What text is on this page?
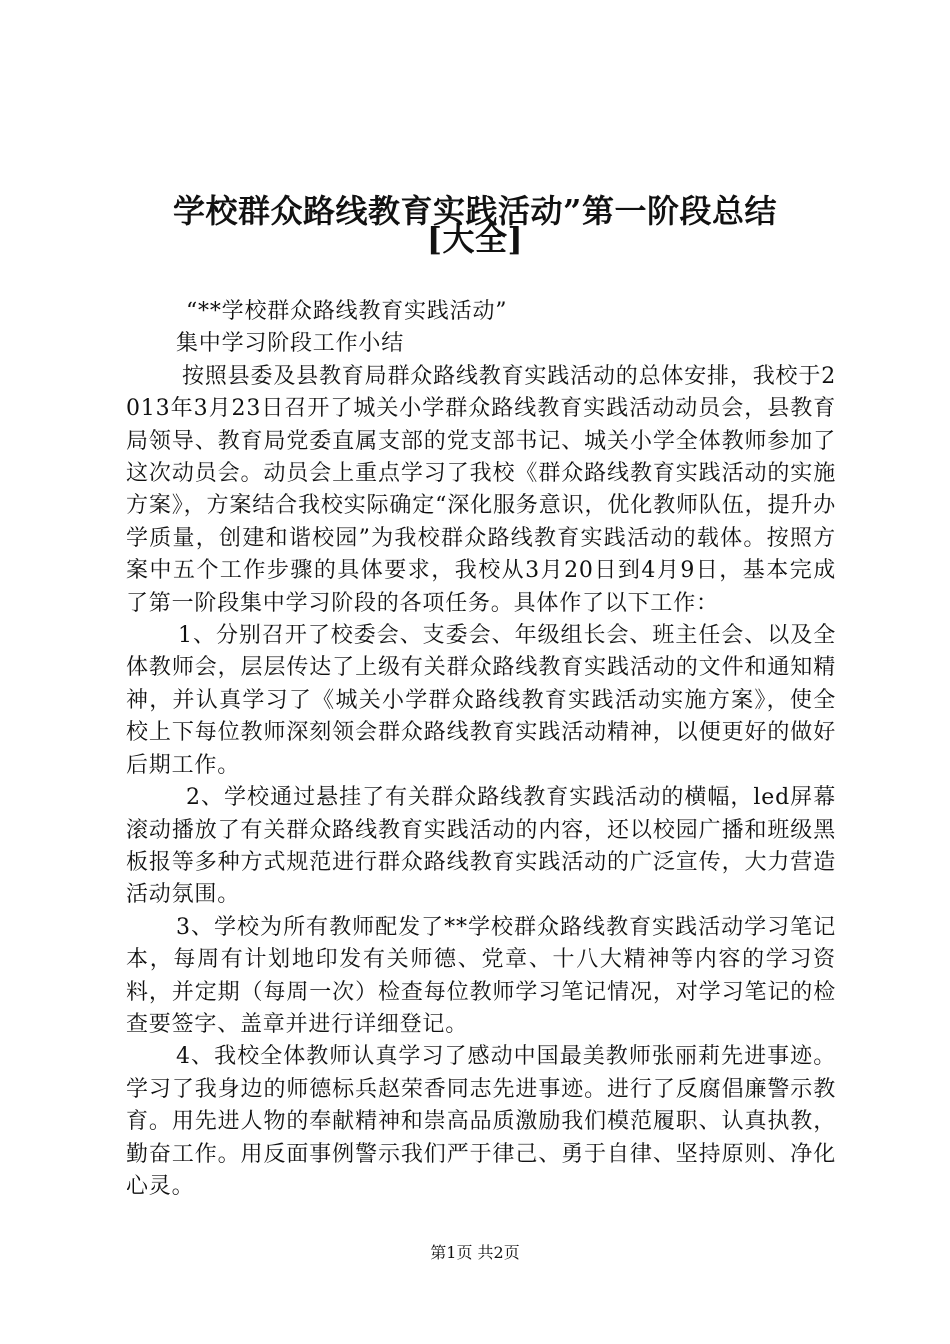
学校群众路线教育实践活动”第一阶段总结
[大全]

“**学校群众路线教育实践活动”

集中学习阶段工作小结

按照县委及县教育局群众路线教育实践活动的总体安排，我校于2013年3月23日召开了城关小学群众路线教育实践活动动员会，县教育局领导、教育局党委直属支部的党支部书记、城关小学全体教师参加了这次动员会。动员会上重点学习了我校《群众路线教育实践活动的实施方案》，方案结合我校实际确定“深化服务意识，优化教师队伍，提升办学质量，创建和谐校园”为我校群众路线教育实践活动的载体。按照方案中五个工作步骤的具体要求，我校从3月20日到4月9日，基本完成了第一阶段集中学习阶段的各项任务。具体作了以下工作：

1、分别召开了校委会、支委会、年级组长会、班主任会、以及全体教师会，层层传达了上级有关群众路线教育实践活动的文件和通知精神，并认真学习了《城关小学群众路线教育实践活动实施方案》，使全校上下每位教师深刻领会群众路线教育实践活动精神，以便更好的做好后期工作。

2、学校通过悬挂了有关群众路线教育实践活动的横幅，led屏幕滚动播放了有关群众路线教育实践活动的内容，还以校园广播和班级黑板报等多种方式规范进行群众路线教育实践活动的广泛宣传，大力营造活动氛围。

3、学校为所有教师配发了**学校群众路线教育实践活动学习笔记本，每周有计划地印发有关师德、党章、十八大精神等内容的学习资料，并定期（每周一次）检查每位教师学习笔记情况，对学习笔记的检查要签字、盖章并进行详细登记。

4、我校全体教师认真学习了感动中国最美教师张丽莉先进事迹。学习了我身边的师德标兵赵荣香同志先进事迹。进行了反腐倡廉警示教育。用先进人物的奉献精神和崇高品质激励我们模范履职、认真执教，勤奋工作。用反面事例警示我们严于律己、勇于自律、坚持原则、净化心灵。

第1页 共2页
